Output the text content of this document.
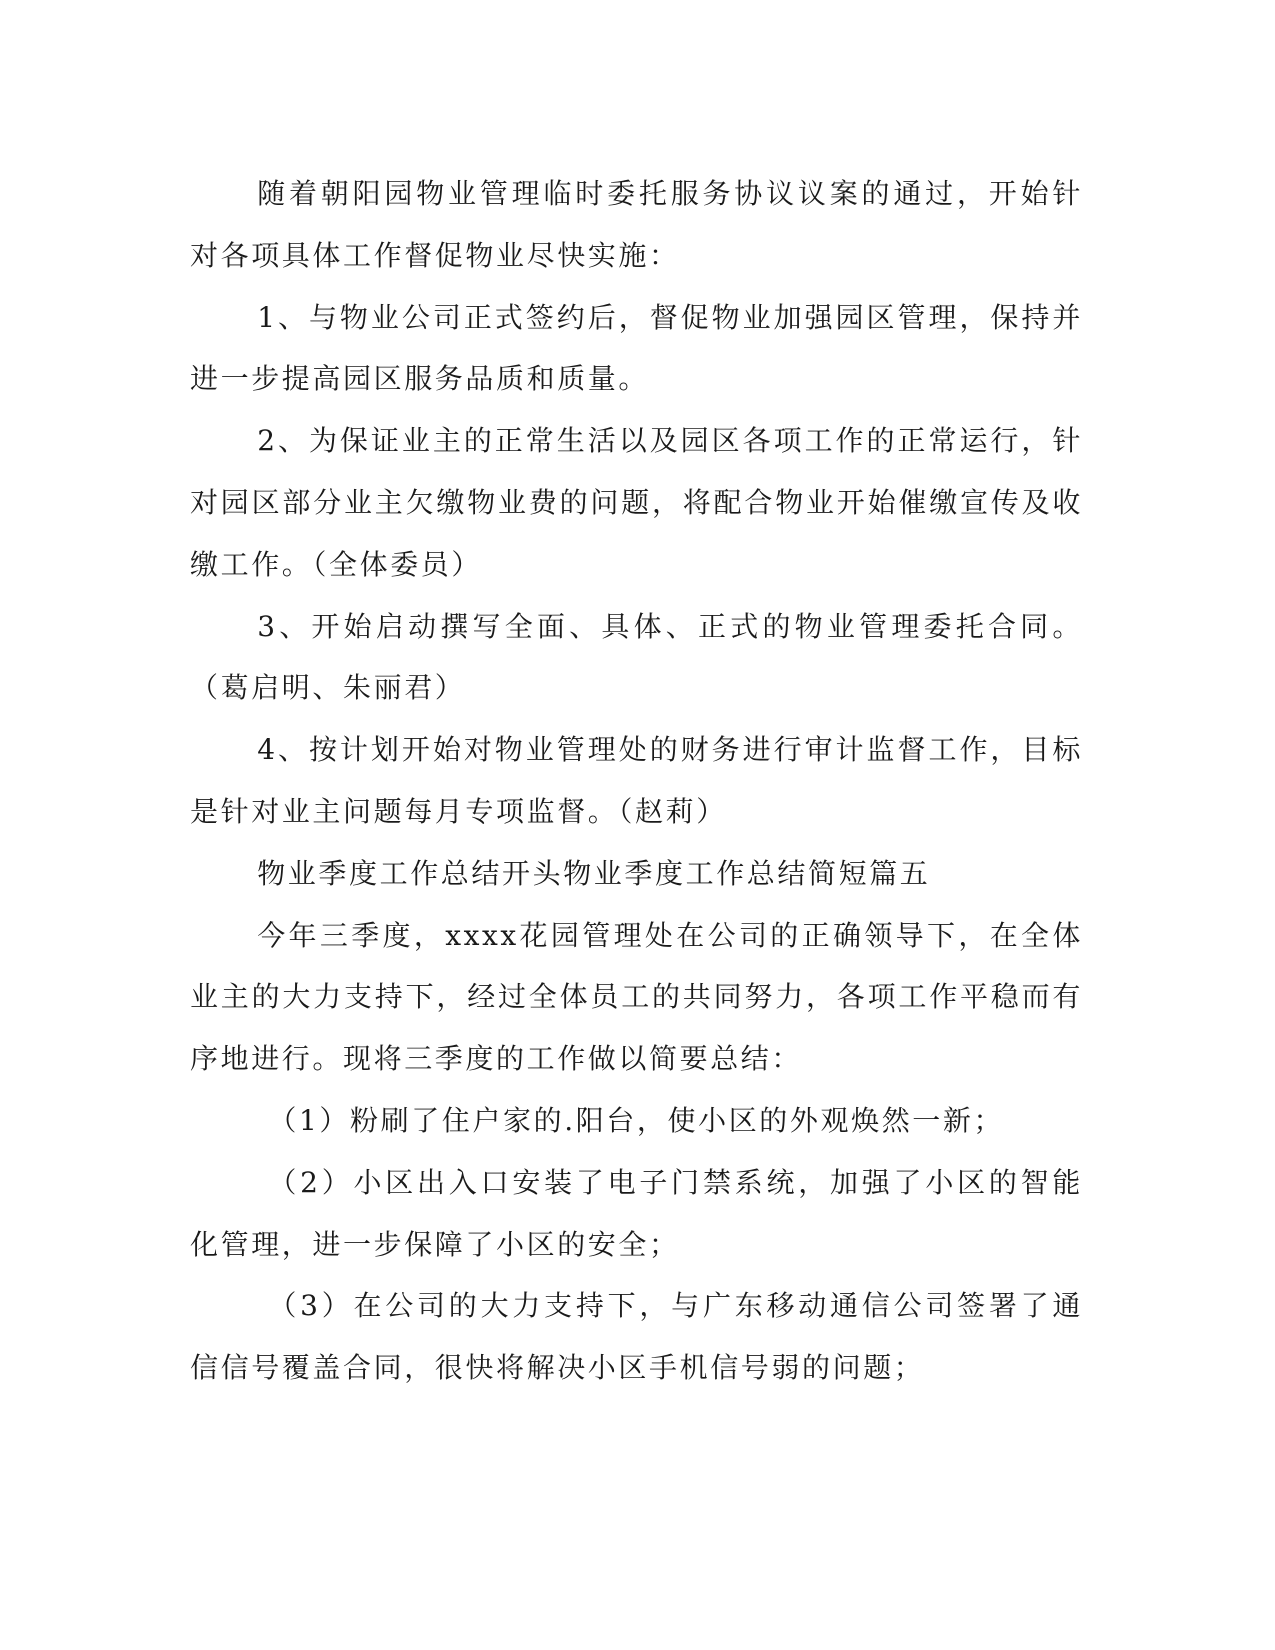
随着朝阳园物业管理临时委托服务协议议案的通过，开始针对各项具体工作督促物业尽快实施：

1、与物业公司正式签约后，督促物业加强园区管理，保持并进一步提高园区服务品质和质量。

2、为保证业主的正常生活以及园区各项工作的正常运行，针对园区部分业主欠缴物业费的问题，将配合物业开始催缴宣传及收缴工作。（全体委员）

3、开始启动撰写全面、具体、正式的物业管理委托合同。（葛启明、朱丽君）

4、按计划开始对物业管理处的财务进行审计监督工作，目标是针对业主问题每月专项监督。（赵莉）

物业季度工作总结开头物业季度工作总结简短篇五

今年三季度，xxxx花园管理处在公司的正确领导下，在全体业主的大力支持下，经过全体员工的共同努力，各项工作平稳而有序地进行。现将三季度的工作做以简要总结：

（1）粉刷了住户家的.阳台，使小区的外观焕然一新；

（2）小区出入口安装了电子门禁系统，加强了小区的智能化管理，进一步保障了小区的安全；

（3）在公司的大力支持下，与广东移动通信公司签署了通信信号覆盖合同，很快将解决小区手机信号弱的问题；
